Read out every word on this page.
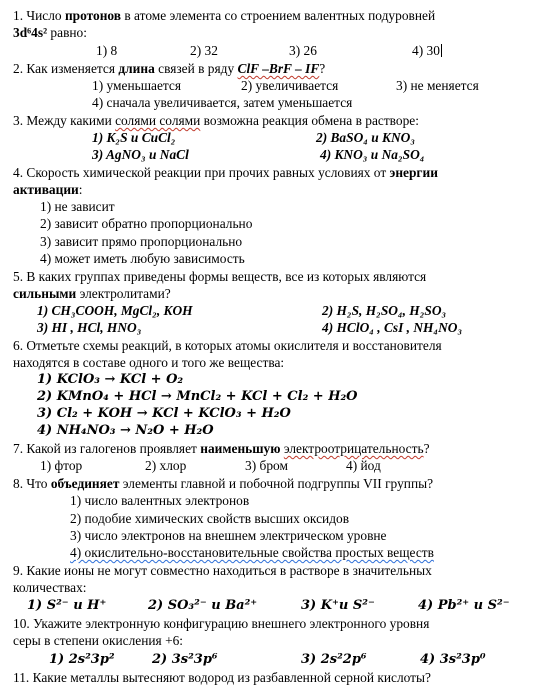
1. Число протонов в атоме элемента со строением валентных подуровней
3d⁶4s² равно:
1) 8	2) 32	3) 26	4) 30
2. Как изменяется длина связей в ряду ClF –BrF – IF?
1) уменьшается	2) увеличивается	3) не меняется
4) сначала увеличивается, затем уменьшается
3. Между какими солями солями возможна реакция обмена в растворе:
1) K₂S и CuCl₂	2) BaSO₄ и KNO₃
3) AgNO₃ и NaCl	4) KNO₃ и Na₂SO₄
4. Скорость химической реакции при прочих равных условиях от энергии
активации:
1) не зависит
2) зависит обратно пропорционально
3) зависит прямо пропорционально
4) может иметь любую зависимость
5. В каких группах приведены формы веществ, все из которых являются
сильными электролитами?
1) CH₃COOH, MgCl₂, KOH	2) H₂S, H₂SO₄, H₂SO₃
3) HI , HCl, HNO₃	4) HClO₄ , CsI , NH₄NO₃
6. Отметьте схемы реакций, в которых атомы окислителя и восстановителя
находятся в составе одного и того же вещества:
1) KClO₃ → KCl + O₂
2) KMnO₄ + HCl → MnCl₂ + KCl + Cl₂ + H₂O
3) Cl₂ + KOH → KCl + KClO₃ + H₂O
4) NH₄NO₃ → N₂O + H₂O
7. Какой из галогенов проявляет наименьшую электроотрицательность?
1) фтор	2) хлор	3) бром	4) йод
8. Что объединяет элементы главной и побочной подгруппы VII группы?
1) число валентных электронов
2) подобие химических свойств высших оксидов
3) число электронов на внешнем электрическом уровне
4) окислительно-восстановительные свойства простых веществ
9. Какие ионы не могут совместно находиться в растворе в значительных
количествах:
1) S²⁻ и H⁺	2) SO₃²⁻ и Ba²⁺	3) K⁺и S²⁻	4) Pb²⁺ и S²⁻
10. Укажите электронную конфигурацию внешнего электронного уровня
серы в степени окисления +6:
1) 2s²3p²	2) 3s²3p⁶	3) 2s²2p⁶	4) 3s²3p⁰
11. Какие металлы вытесняют водород из разбавленной серной кислоты?
